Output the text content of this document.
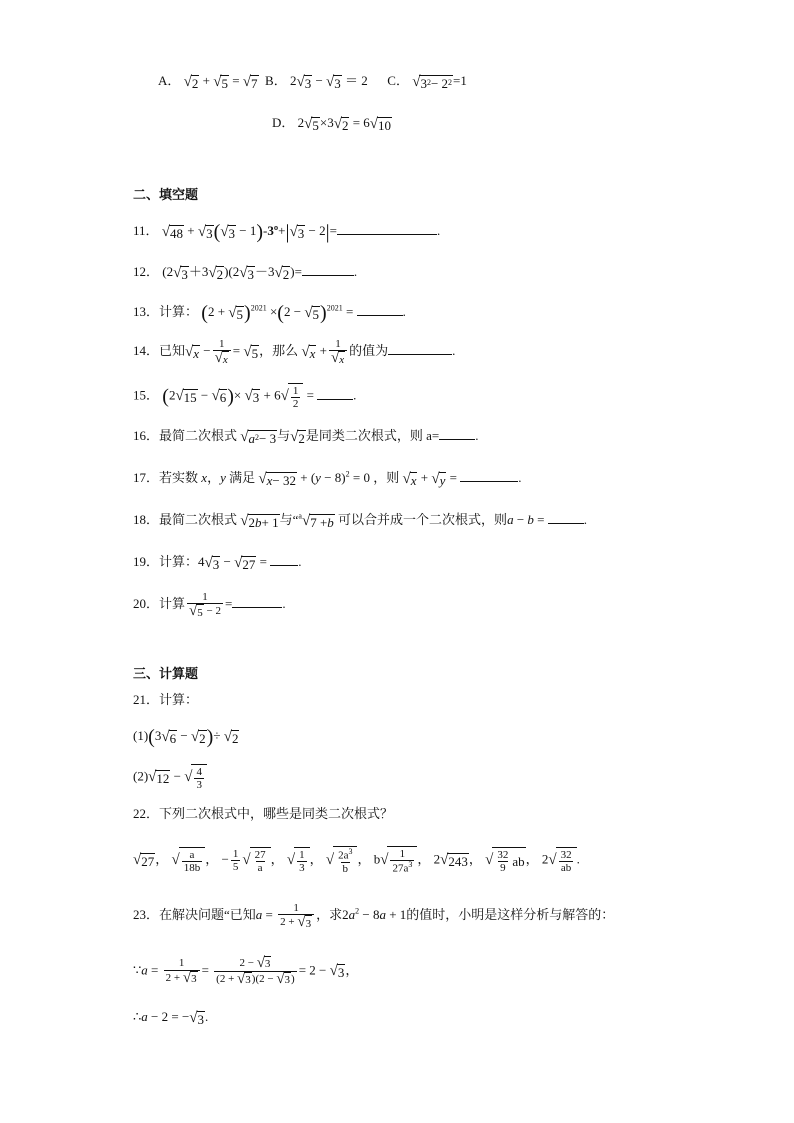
A． √ 2 + √ 5 = √ 7 B． 2 √ 3 − √ 3 ＝ 2 C． √ 3 2 − 2 2 =1
D． 2 √ 5 ×3 √ 2 = 6 √ 10
二、填空题
11． √ 48 + √ 3 ( √ 3 − 1)-3º+| √ 3 − 2|=	.
12． (2 √ 3 ＋3 √ 2 )(2 √ 3 －3 √ 2 )=	.
13．计算： (2 + √ 5 )$^{2021}$ ×(2 − √ 5 )$^{2021}$ =	.
14．已知 √ $x - \frac{1}{√ x}$ = √ 5 ，那么 √ $x + \frac{1}{√ x}$ 的值为	.
15． (2 √ 15 − √ 6 )× √ 3 + 6 √ 1
2
=	.
16．最简二次根式 √ a 2 − 3 与 √ 2 是同类二次根式，则 a=	.
17．若实数 x，y 满足 √ $x - 32 + (y - 8)^2 = 0$ ，则 √ x + √ y =	.
18．最简二次根式 √ 2 b + 1 与“$^a$ √ 7 + b 可以合并成一个二次根式，则a − b =	.
19．计算：4 √ 3 − √ 27 = .
20．计算 $\frac{1}{√ 5 - 2}$ =	.
三、计算题
21．计算：
(1)(3 √ 6 − √ 2 )÷ √ 2
(2) √ 12 − √ 4
3
22．下列二次根式中，哪些是同类二次根式？
√ 27 ， √ a
18b
， − $\frac{1}{5}$ √ 27
a
， √ 1
3
， √ $2a^3$
b
， b √ 1
$27a^3$ ， 2 √ 243 ， √ 32
9 ab ， 2 √ 32
ab
.
23．在解决问题“已知$a = \frac{1}{2 + √ 3}$ ，求$2a^2 - 8a + 1$的值时，小明是这样分析与解答的：
∵a = $\frac{1}{2 + √ 3} = \frac{2 - √ 3}{(2 + √ 3 )(2 - √ 3 )} = 2$ − √ 3 ，
∴a − 2 = − √ 3 .
